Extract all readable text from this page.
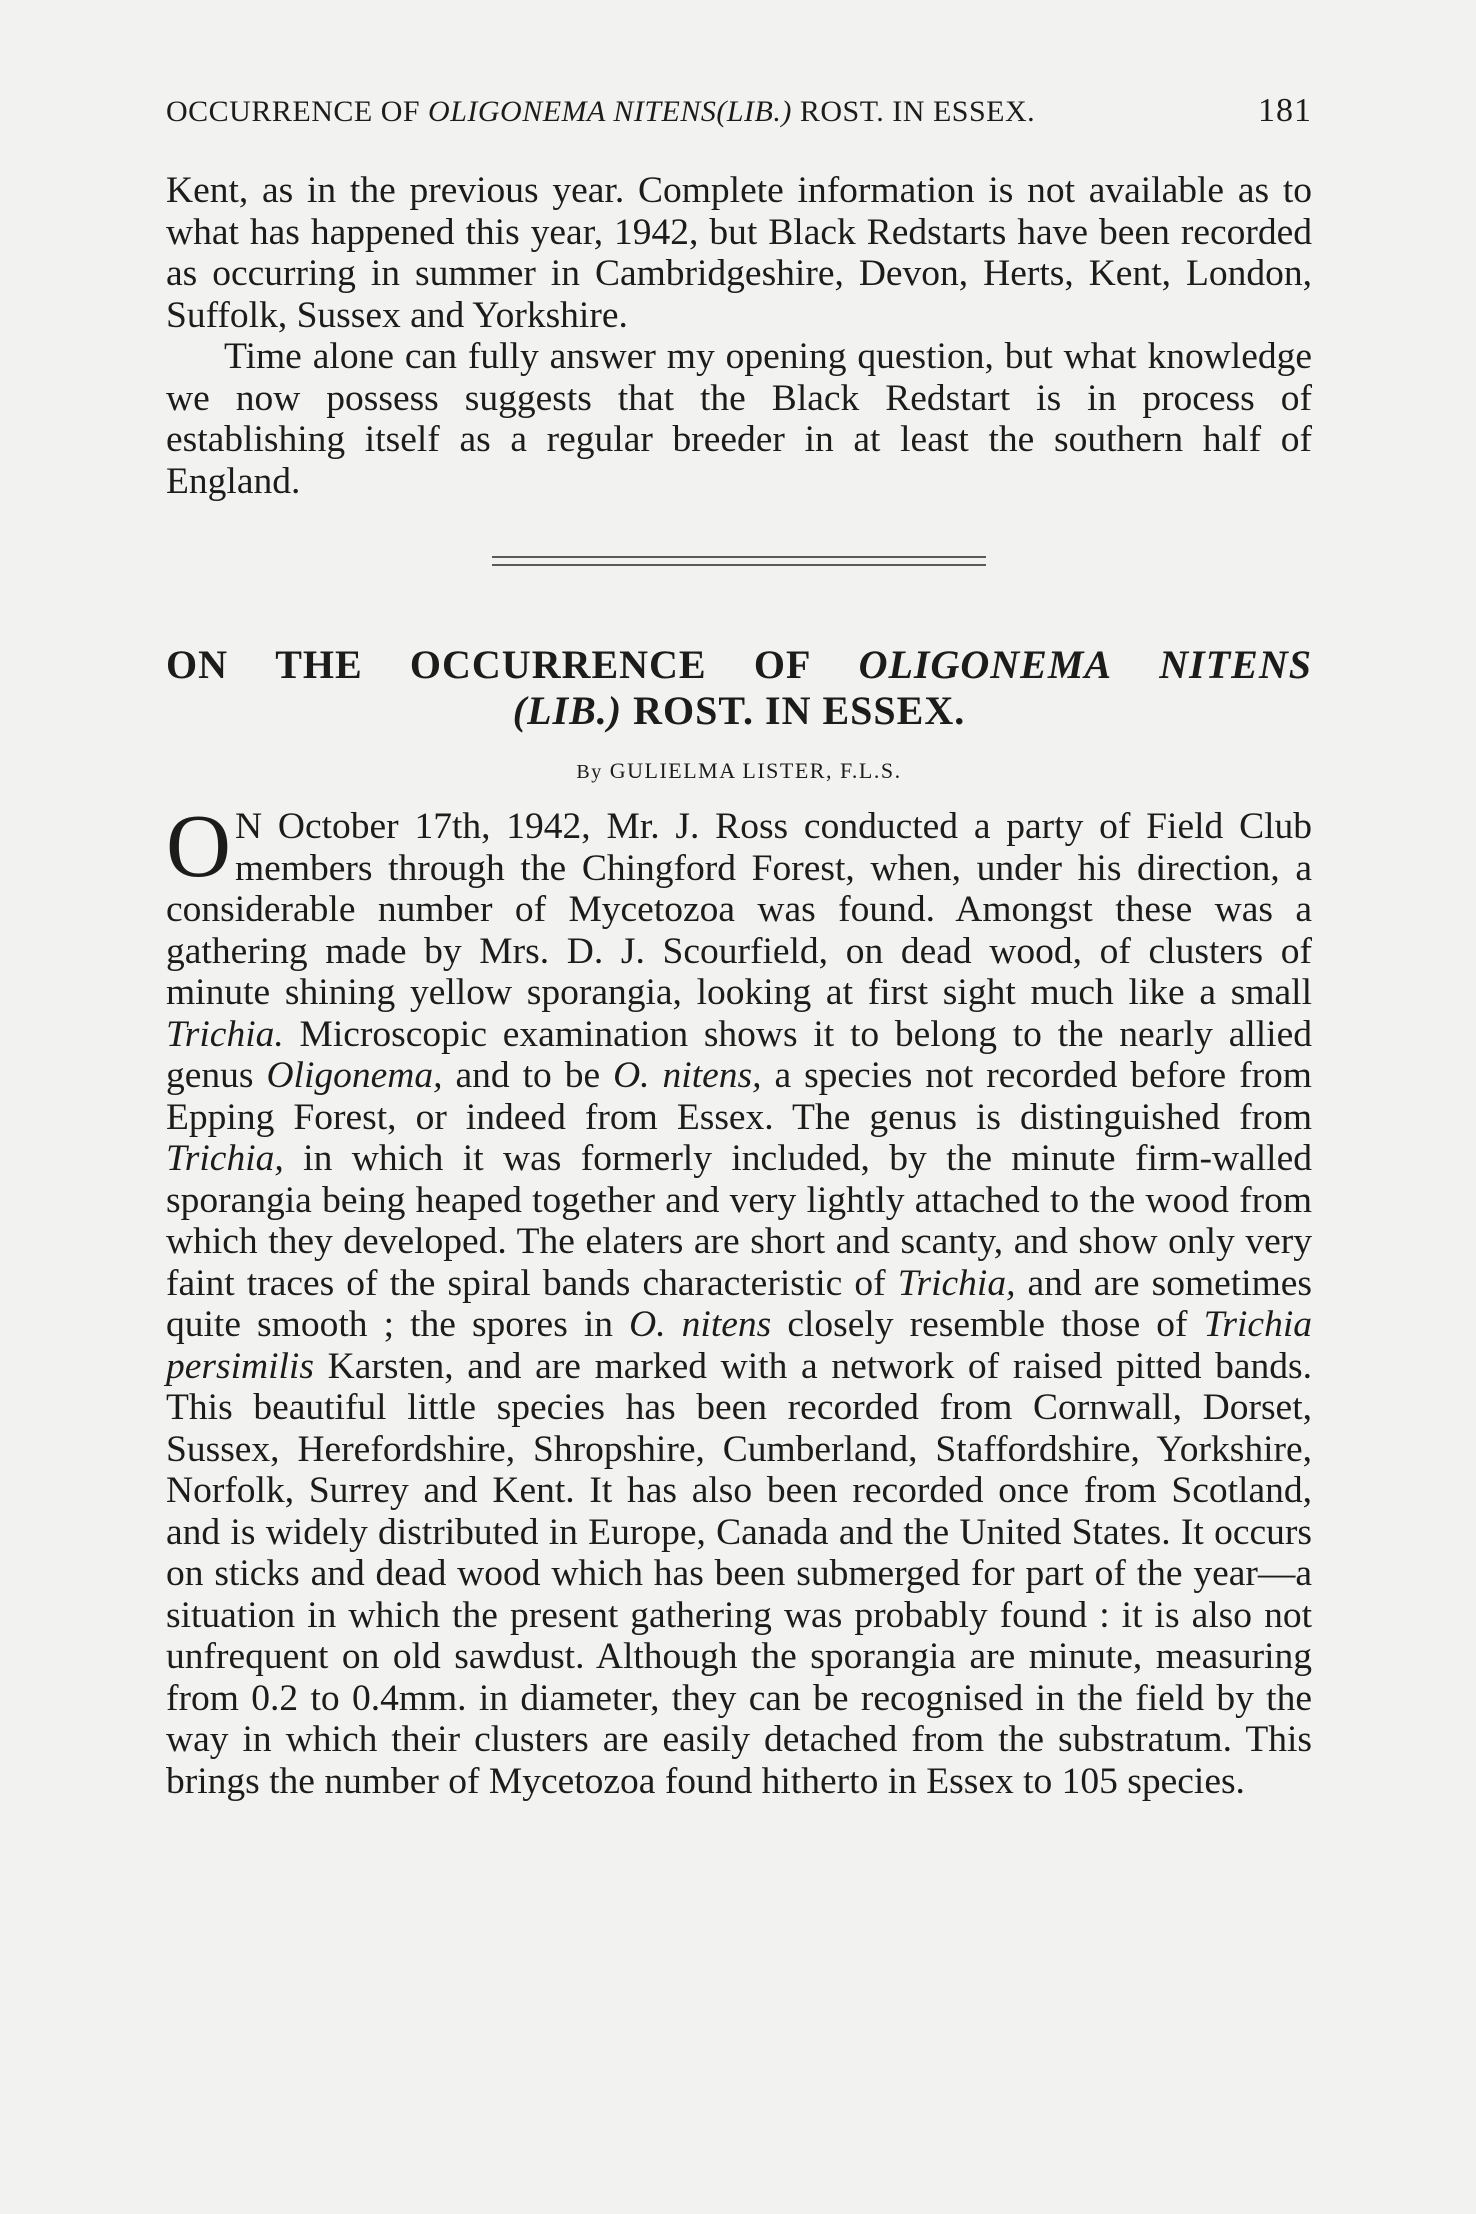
OCCURRENCE OF OLIGONEMA NITENS(LIB.) ROST. IN ESSEX.	181

Kent, as in the previous year. Complete information is not available as to what has happened this year, 1942, but Black Redstarts have been recorded as occurring in summer in Cambridgeshire, Devon, Herts, Kent, London, Suffolk, Sussex and Yorkshire.

Time alone can fully answer my opening question, but what knowledge we now possess suggests that the Black Redstart is in process of establishing itself as a regular breeder in at least the southern half of England.

ON THE OCCURRENCE OF OLIGONEMA NITENS
(LIB.) ROST. IN ESSEX.
By GULIELMA LISTER, F.L.S.

O N October 17th, 1942, Mr. J. Ross conducted a party of Field Club members through the Chingford Forest, when, under his direction, a considerable number of Mycetozoa was found. Amongst these was a gathering made by Mrs. D. J. Scourfield, on dead wood, of clusters of minute shining yellow sporangia, looking at first sight much like a small Trichia. Microscopic examination shows it to belong to the nearly allied genus Oligonema, and to be O. nitens, a species not recorded before from Epping Forest, or indeed from Essex. The genus is distinguished from Trichia, in which it was formerly included, by the minute firm-walled sporangia being heaped together and very lightly attached to the wood from which they developed. The elaters are short and scanty, and show only very faint traces of the spiral bands characteristic of Trichia, and are sometimes quite smooth ; the spores in O. nitens closely resemble those of Trichia persimilis Karsten, and are marked with a network of raised pitted bands. This beautiful little species has been recorded from Cornwall, Dorset, Sussex, Herefordshire, Shropshire, Cumberland, Staffordshire, Yorkshire, Norfolk, Surrey and Kent. It has also been recorded once from Scotland, and is widely distributed in Europe, Canada and the United States. It occurs on sticks and dead wood which has been submerged for part of the year—a situation in which the present gathering was probably found : it is also not unfrequent on old sawdust. Although the sporangia are minute, measuring from 0.2 to 0.4mm. in diameter, they can be recognised in the field by the way in which their clusters are easily detached from the substratum. This brings the number of Mycetozoa found hitherto in Essex to 105 species.
